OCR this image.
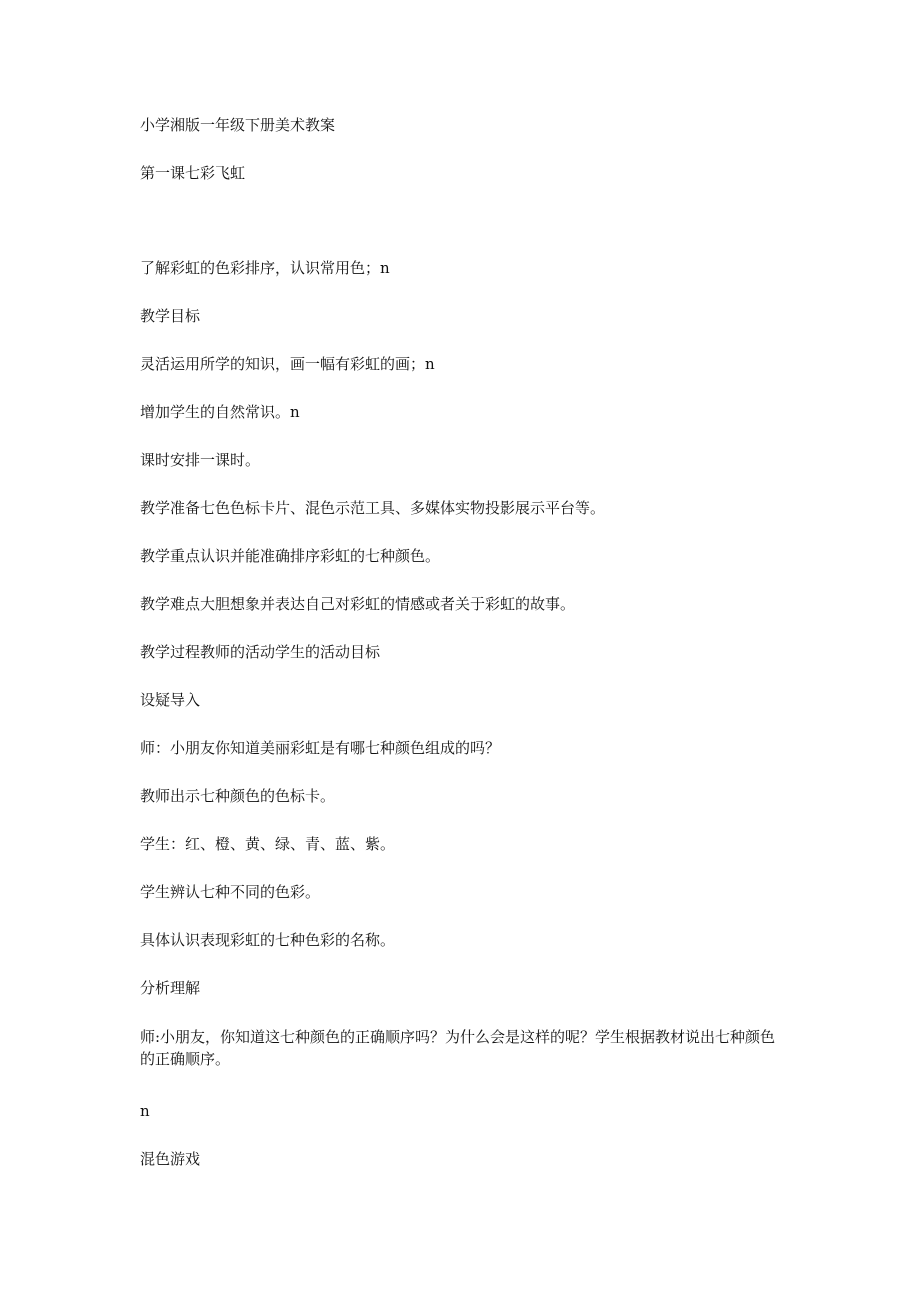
小学湘版一年级下册美术教案

第一课七彩飞虹

了解彩虹的色彩排序，认识常用色；n

教学目标

灵活运用所学的知识，画一幅有彩虹的画；n

增加学生的自然常识。n

课时安排一课时。

教学准备七色色标卡片、混色示范工具、多媒体实物投影展示平台等。

教学重点认识并能准确排序彩虹的七种颜色。

教学难点大胆想象并表达自己对彩虹的情感或者关于彩虹的故事。

教学过程教师的活动学生的活动目标

设疑导入

师：小朋友你知道美丽彩虹是有哪七种颜色组成的吗？

教师出示七种颜色的色标卡。

学生：红、橙、黄、绿、青、蓝、紫。

学生辨认七种不同的色彩。

具体认识表现彩虹的七种色彩的名称。

分析理解

师:小朋友，你知道这七种颜色的正确顺序吗？为什么会是这样的呢？学生根据教材说出七种颜色的正确顺序。

n

混色游戏
